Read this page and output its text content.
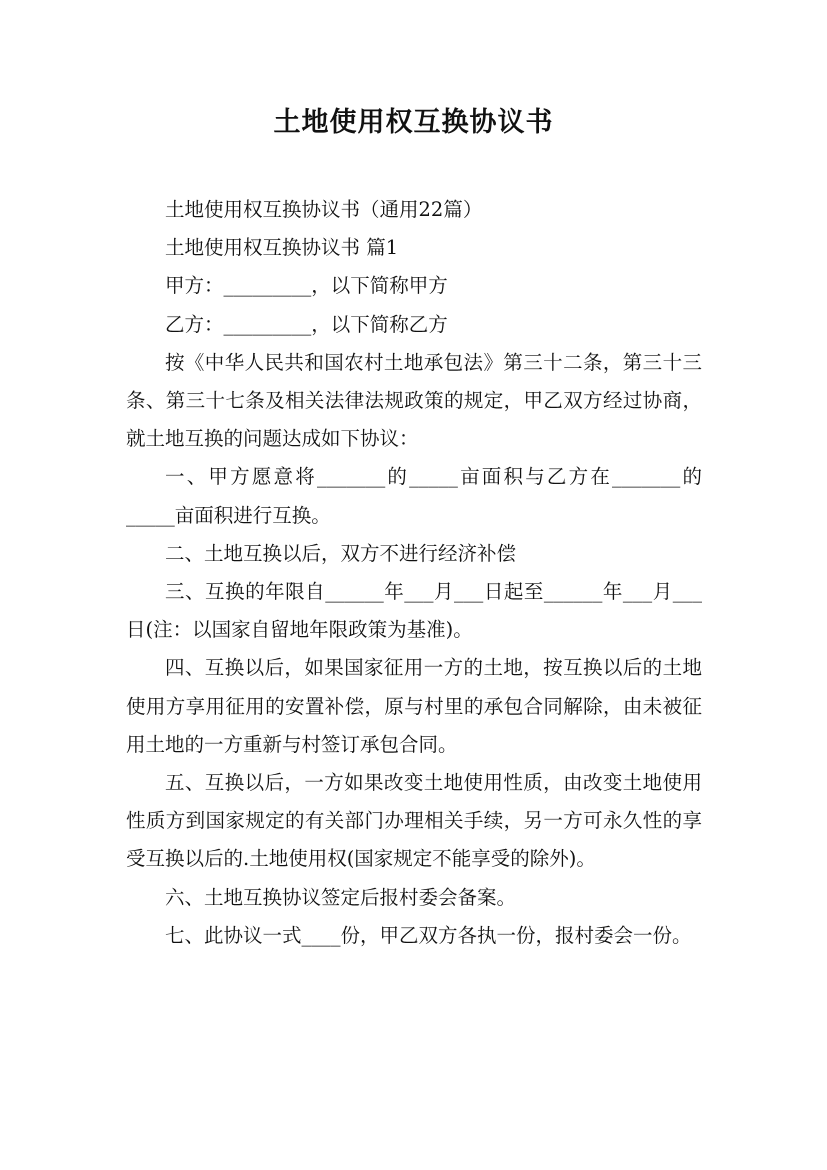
土地使用权互换协议书

土地使用权互换协议书（通用22篇）

土地使用权互换协议书 篇1

甲方：_________，以下简称甲方

乙方：_________，以下简称乙方

按《中华人民共和国农村土地承包法》第三十二条，第三十三条、第三十七条及相关法律法规政策的规定，甲乙双方经过协商，就土地互换的问题达成如下协议：

一、甲方愿意将_______的_____亩面积与乙方在_______的_____亩面积进行互换。

二、土地互换以后，双方不进行经济补偿

三、互换的年限自______年___月___日起至______年___月___日(注：以国家自留地年限政策为基准)。

四、互换以后，如果国家征用一方的土地，按互换以后的土地使用方享用征用的安置补偿，原与村里的承包合同解除，由未被征用土地的一方重新与村签订承包合同。

五、互换以后，一方如果改变土地使用性质，由改变土地使用性质方到国家规定的有关部门办理相关手续，另一方可永久性的享受互换以后的.土地使用权(国家规定不能享受的除外)。

六、土地互换协议签定后报村委会备案。

七、此协议一式____份，甲乙双方各执一份，报村委会一份。
